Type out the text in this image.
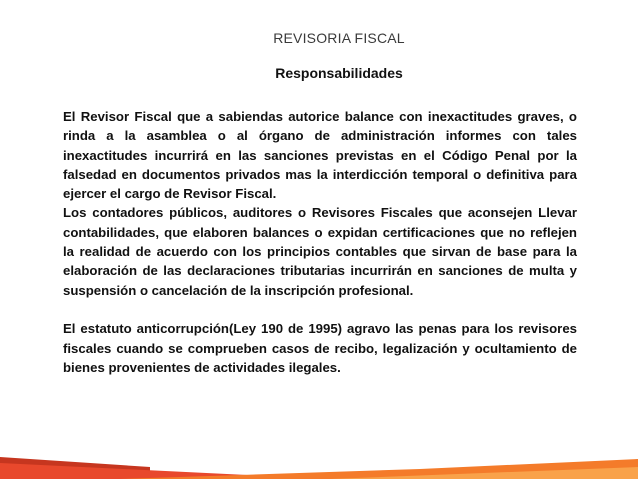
REVISORIA FISCAL
Responsabilidades

El Revisor Fiscal que a sabiendas autorice balance con inexactitudes graves, o rinda a la asamblea o al órgano de administración informes con tales inexactitudes incurrirá en las sanciones previstas en el Código Penal por la falsedad en documentos privados mas la interdicción temporal o definitiva para ejercer el cargo de Revisor Fiscal.

Los contadores públicos, auditores o Revisores Fiscales que aconsejen Llevar contabilidades, que elaboren balances o expidan certificaciones que no reflejen la realidad de acuerdo con los principios contables que sirvan de base para la elaboración de las declaraciones tributarias incurrirán en sanciones de multa y suspensión o cancelación de la inscripción profesional.

El estatuto anticorrupción(Ley 190 de 1995) agravo las penas para los revisores fiscales cuando se comprueben casos de recibo, legalización y ocultamiento de bienes provenientes de actividades ilegales.
